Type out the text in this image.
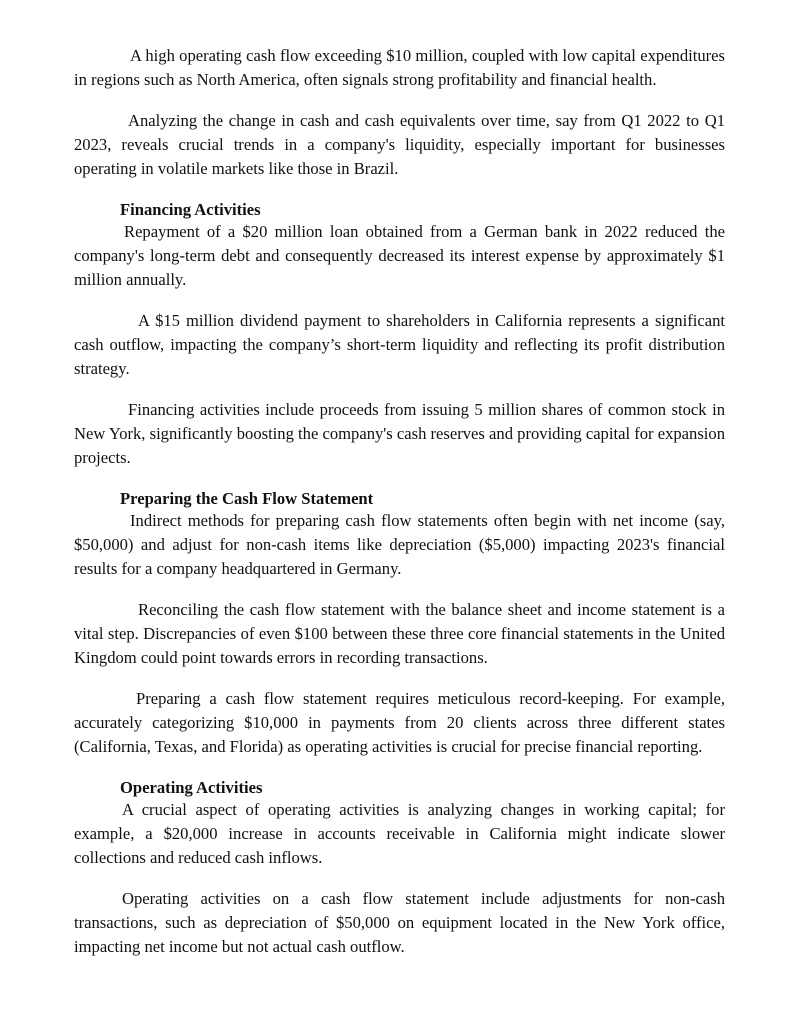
A high operating cash flow exceeding $10 million, coupled with low capital expenditures in regions such as North America, often signals strong profitability and financial health.

Analyzing the change in cash and cash equivalents over time, say from Q1 2022 to Q1 2023, reveals crucial trends in a company's liquidity, especially important for businesses operating in volatile markets like those in Brazil.

Financing Activities

Repayment of a $20 million loan obtained from a German bank in 2022 reduced the company's long-term debt and consequently decreased its interest expense by approximately $1 million annually.

A $15 million dividend payment to shareholders in California represents a significant cash outflow, impacting the company’s short-term liquidity and reflecting its profit distribution strategy.

Financing activities include proceeds from issuing 5 million shares of common stock in New York, significantly boosting the company's cash reserves and providing capital for expansion projects.

Preparing the Cash Flow Statement

Indirect methods for preparing cash flow statements often begin with net income (say, $50,000) and adjust for non-cash items like depreciation ($5,000) impacting 2023's financial results for a company headquartered in Germany.

Reconciling the cash flow statement with the balance sheet and income statement is a vital step. Discrepancies of even $100 between these three core financial statements in the United Kingdom could point towards errors in recording transactions.

Preparing a cash flow statement requires meticulous record-keeping. For example, accurately categorizing $10,000 in payments from 20 clients across three different states (California, Texas, and Florida) as operating activities is crucial for precise financial reporting.

Operating Activities

A crucial aspect of operating activities is analyzing changes in working capital; for example, a $20,000 increase in accounts receivable in California might indicate slower collections and reduced cash inflows.

Operating activities on a cash flow statement include adjustments for non-cash transactions, such as depreciation of $50,000 on equipment located in the New York office, impacting net income but not actual cash outflow.
